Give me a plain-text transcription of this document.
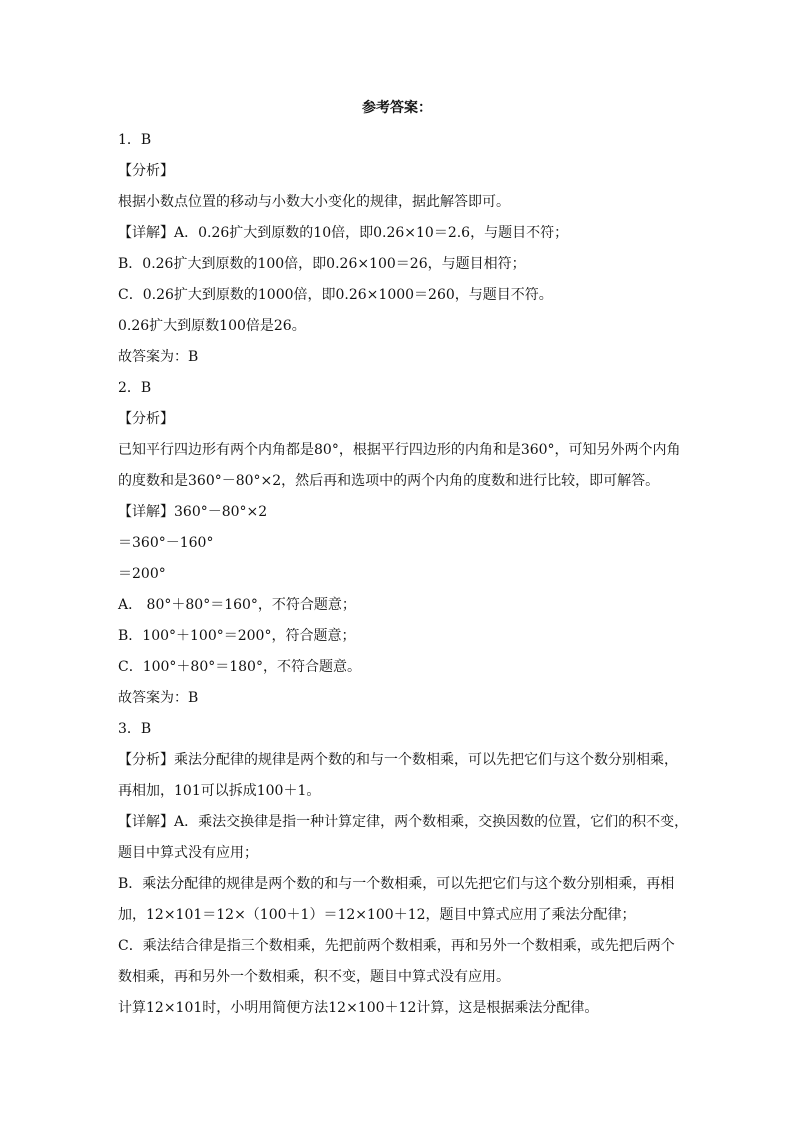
参考答案：
1．B
【分析】
根据小数点位置的移动与小数大小变化的规律，据此解答即可。
【详解】A．0.26扩大到原数的10倍，即0.26×10＝2.6，与题目不符；
B．0.26扩大到原数的100倍，即0.26×100＝26，与题目相符；
C．0.26扩大到原数的1000倍，即0.26×1000＝260，与题目不符。
0.26扩大到原数100倍是26。
故答案为：B
2．B
【分析】
已知平行四边形有两个内角都是80°，根据平行四边形的内角和是360°，可知另外两个内角
的度数和是360°－80°×2，然后再和选项中的两个内角的度数和进行比较，即可解答。
【详解】360°－80°×2
＝360°－160°
＝200°
A． 80°＋80°＝160°，不符合题意；
B．100°＋100°＝200°，符合题意；
C．100°＋80°＝180°，不符合题意。
故答案为：B
3．B
【分析】乘法分配律的规律是两个数的和与一个数相乘，可以先把它们与这个数分别相乘，
再相加，101可以拆成100＋1。
【详解】A．乘法交换律是指一种计算定律，两个数相乘，交换因数的位置，它们的积不变，
题目中算式没有应用；
B．乘法分配律的规律是两个数的和与一个数相乘，可以先把它们与这个数分别相乘，再相
加，12×101＝12×（100＋1）＝12×100＋12，题目中算式应用了乘法分配律；
C．乘法结合律是指三个数相乘，先把前两个数相乘，再和另外一个数相乘，或先把后两个
数相乘，再和另外一个数相乘，积不变，题目中算式没有应用。
计算12×101时，小明用简便方法12×100＋12计算，这是根据乘法分配律。
